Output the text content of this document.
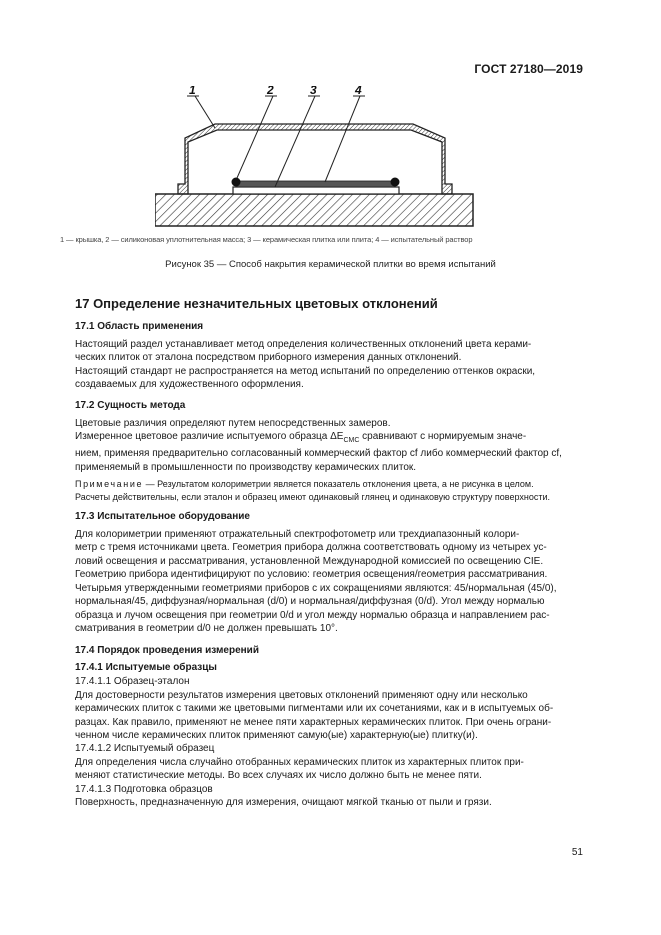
ГОСТ 27180—2019
1	2	3	4
1 — крышка, 2 — силиконовая уплотнительная масса; 3 — керамическая плитка или плита; 4 — испытательный раствор
Рисунок 35 — Способ накрытия керамической плитки во время испытаний
17 Определение незначительных цветовых отклонений
17.1 Область применения

Настоящий раздел устанавливает метод определения количественных отклонений цвета керами-

ческих плиток от эталона посредством приборного измерения данных отклонений.

Настоящий стандарт не распространяется на метод испытаний по определению оттенков окраски,

создаваемых для художественного оформления.

17.2 Сущность метода

Цветовые различия определяют путем непосредственных замеров.

Измеренное цветовое различие испытуемого образца $\Delta E_{CMC}$ сравнивают с нормируемым значе-

нием, применяя предварительно согласованный коммерческий фактор cf либо коммерческий фактор cf,

применяемый в промышленности по производству керамических плиток.

Примечание — Результатом колориметрии является показатель отклонения цвета, а не рисунка в целом.
Расчеты действительны, если эталон и образец имеют одинаковый глянец и одинаковую структуру поверхности.

17.3 Испытательное оборудование

Для колориметрии применяют отражательный спектрофотометр или трехдиапазонный колори-

метр с тремя источниками цвета. Геометрия прибора должна соответствовать одному из четырех ус-

ловий освещения и рассматривания, установленной Международной комиссией по освещению CIE.

Геометрию прибора идентифицируют по условию: геометрия освещения/геометрия рассматривания.

Четырьмя утвержденными геометриями приборов с их сокращениями являются: 45/нормальная (45/0),

нормальная/45, диффузная/нормальная (d/0) и нормальная/диффузная (0/d). Угол между нормалью

образца и лучом освещения при геометрии 0/d и угол между нормалью образца и направлением рас-

сматривания в геометрии d/0 не должен превышать 10°.

17.4 Порядок проведения измерений
17.4.1 Испытуемые образцы

17.4.1.1 Образец-эталон

Для достоверности результатов измерения цветовых отклонений применяют одну или несколько

керамических плиток с такими же цветовыми пигментами или их сочетаниями, как и в испытуемых об-

разцах. Как правило, применяют не менее пяти характерных керамических плиток. При очень ограни-

ченном числе керамических плиток применяют самую(ые) характерную(ые) плитку(и).

17.4.1.2 Испытуемый образец

Для определения числа случайно отобранных керамических плиток из характерных плиток при-

меняют статистические методы. Во всех случаях их число должно быть не менее пяти.

17.4.1.3 Подготовка образцов

Поверхность, предназначенную для измерения, очищают мягкой тканью от пыли и грязи.

51
